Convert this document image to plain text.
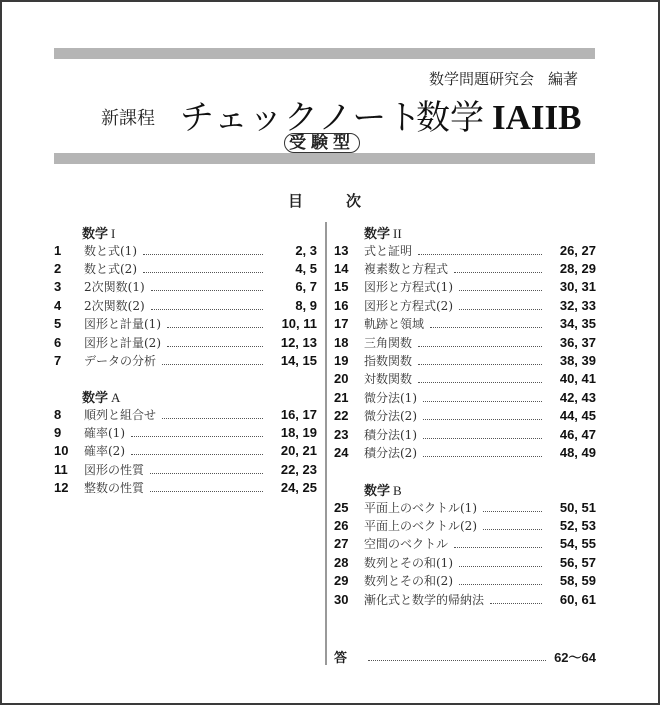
数学問題研究会 編著
新課程 チェックノート
数学 IAIIB
受験型
目	次
数学 I
数学 A
数学 II
数学 B
1	数と式(1)	2, 3
2	数と式(2)	4, 5
3	2次関数(1)	6, 7
4	2次関数(2)	8, 9
5	図形と計量(1)	10, 11
6	図形と計量(2)	12, 13
7	データの分析	14, 15
8	順列と組合せ	16, 17
9	確率(1)	18, 19
10	確率(2)	20, 21
11	図形の性質	22, 23
12	整数の性質	24, 25
13	式と証明	26, 27
14	複素数と方程式	28, 29
15	図形と方程式(1)	30, 31
16	図形と方程式(2)	32, 33
17	軌跡と領域	34, 35
18	三角関数	36, 37
19	指数関数	38, 39
20	対数関数	40, 41
21	微分法(1)	42, 43
22	微分法(2)	44, 45
23	積分法(1)	46, 47
24	積分法(2)	48, 49
25	平面上のベクトル(1)	50, 51
26	平面上のベクトル(2)	52, 53
27	空間のベクトル	54, 55
28	数列とその和(1)	56, 57
29	数列とその和(2)	58, 59
30	漸化式と数学的帰納法	60, 61
答	62〜64
